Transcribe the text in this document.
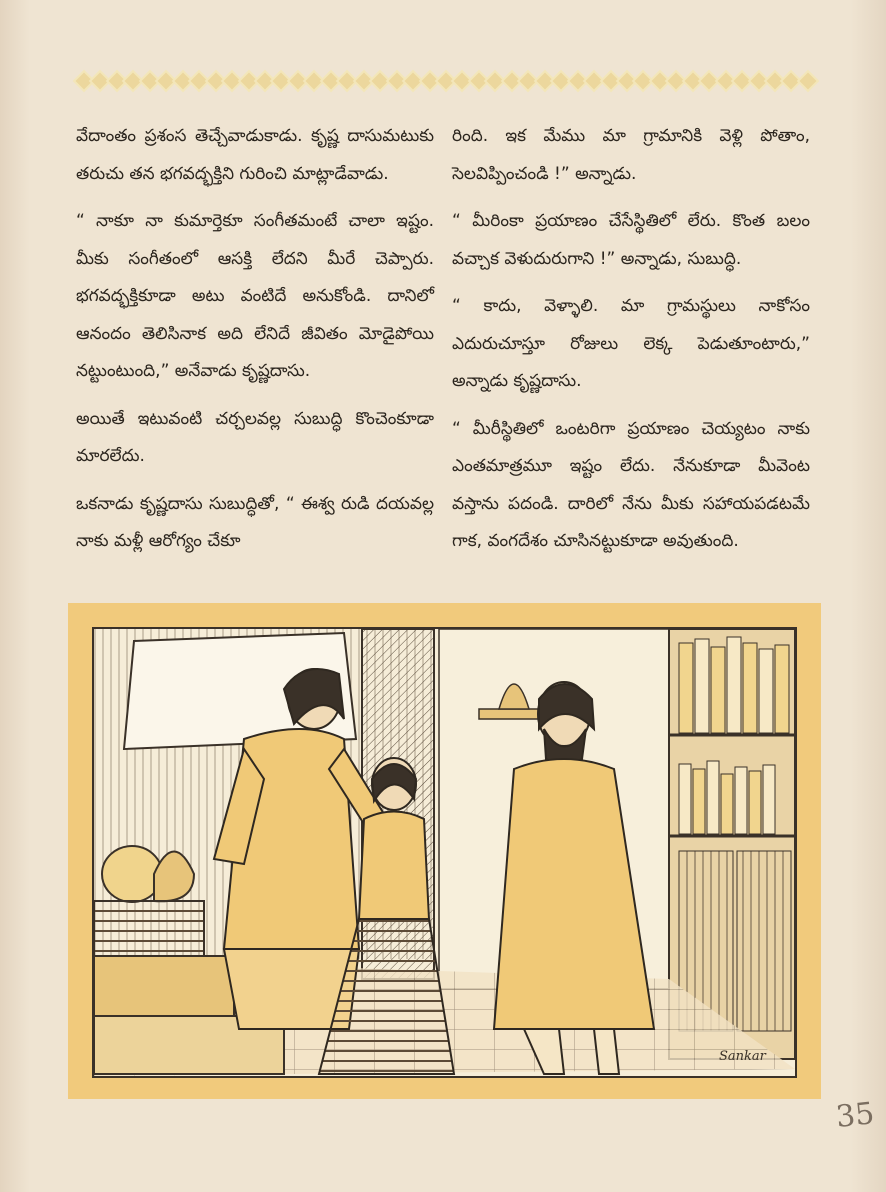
వేదాంతం ప్రశంస తెచ్చేవాడుకాడు. కృష్ణ దాసుమటుకు తరుచు తన భగవద్భక్తిని గురించి మాట్లాడేవాడు.

“ నాకూ నా కుమార్తెకూ సంగీతమంటే చాలా ఇష్టం. మీకు సంగీతంలో ఆసక్తి లేదని మీరే చెప్పారు. భగవద్భక్తికూడా అటు వంటిదే అనుకోండి. దానిలో ఆనందం తెలిసినాక అది లేనిదే జీవితం మోడైపోయి నట్టుంటుంది,” అనేవాడు కృష్ణదాసు.

అయితే ఇటువంటి చర్చలవల్ల సుబుద్ధి కొంచెంకూడా మారలేదు.

ఒకనాడు కృష్ణదాసు సుబుద్ధితో, “ ఈశ్వ రుడి దయవల్ల నాకు మళ్లీ ఆరోగ్యం చేకూ

రింది. ఇక మేము మా గ్రామానికి వెళ్లి పోతాం, సెలవిప్పించండి !” అన్నాడు.

“ మీరింకా ప్రయాణం చేసేస్థితిలో లేరు. కొంత బలం వచ్చాక వెళుదురుగాని !” అన్నాడు, సుబుద్ధి.

“ కాదు, వెళ్ళాలి. మా గ్రామస్థులు నాకోసం ఎదురుచూస్తూ రోజులు లెక్క పెడుతూంటారు,” అన్నాడు కృష్ణదాసు.

“ మీరీస్థితిలో ఒంటరిగా ప్రయాణం చెయ్యటం నాకు ఎంతమాత్రమూ ఇష్టం లేదు. నేనుకూడా మీవెంట వస్తాను పదండి. దారిలో నేను మీకు సహాయపడటమే గాక, వంగదేశం చూసినట్టుకూడా అవుతుంది.

Sankar
35
